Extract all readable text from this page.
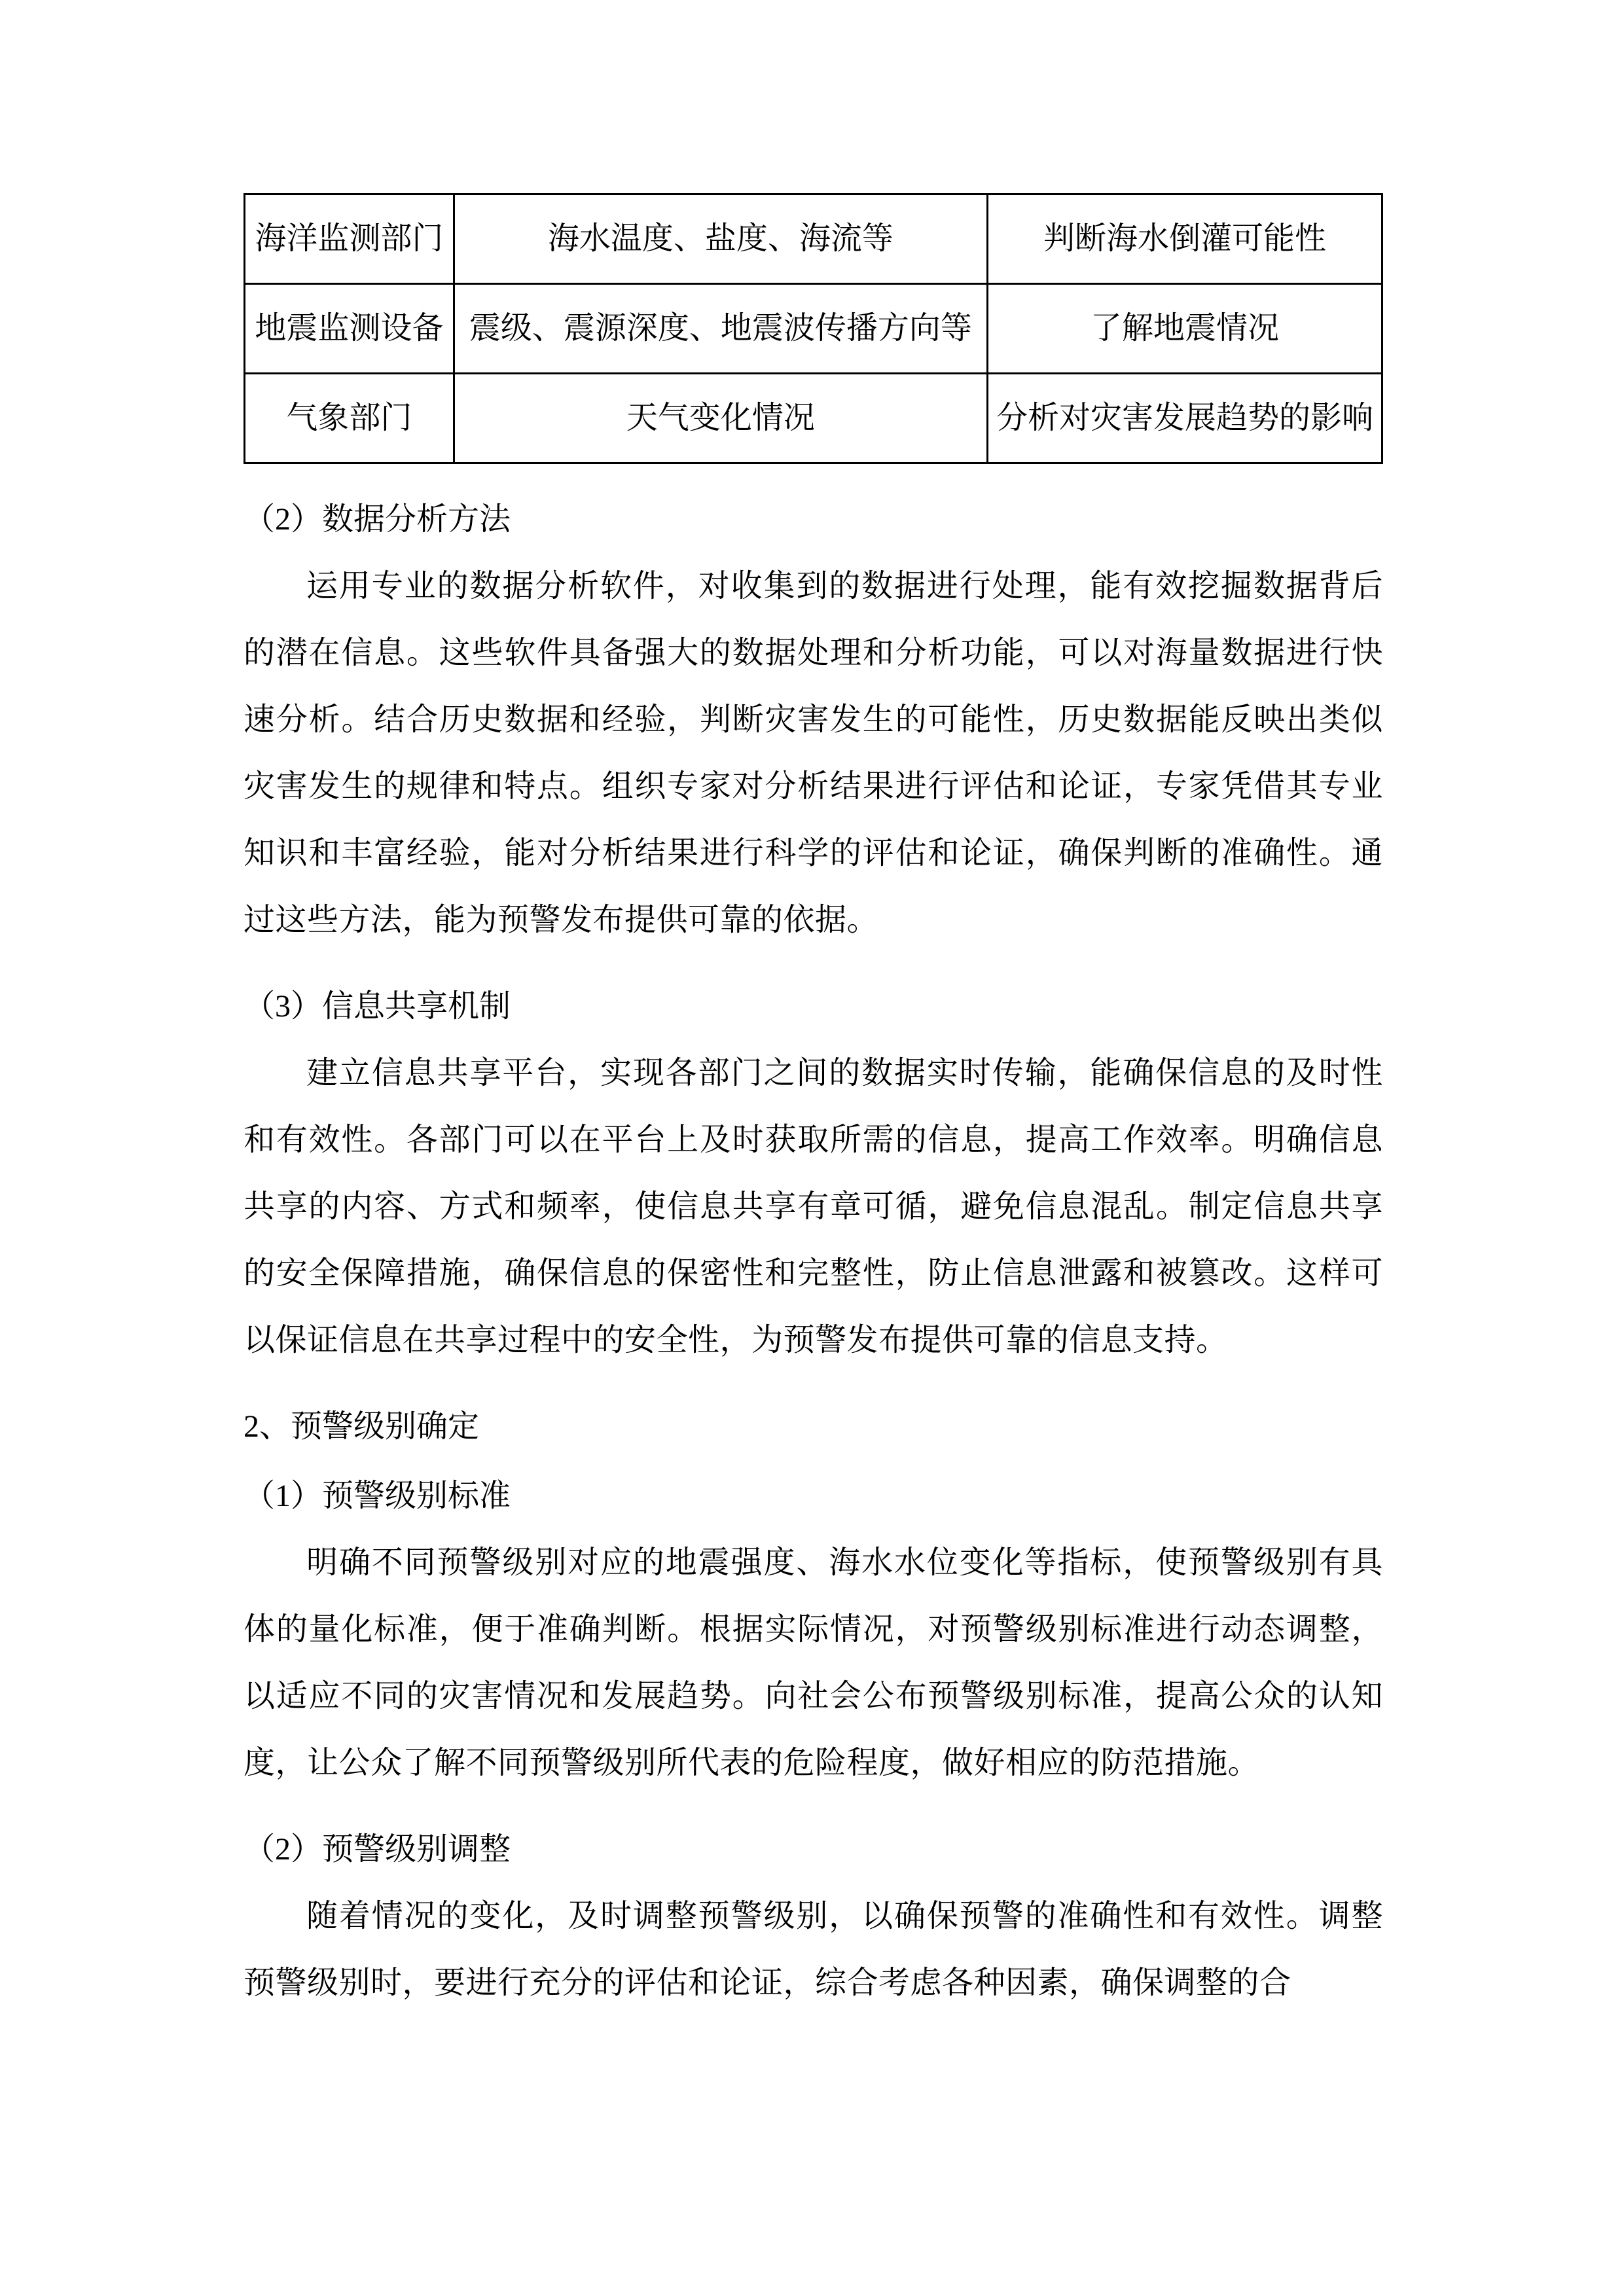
海洋监测部门	海水温度、盐度、海流等	判断海水倒灌可能性
地震监测设备	震级、震源深度、地震波传播方向等	了解地震情况
气象部门	天气变化情况	分析对灾害发展趋势的影响

（2）数据分析方法

运用专业的数据分析软件，对收集到的数据进行处理，能有效挖掘数据背后的潜在信息。这些软件具备强大的数据处理和分析功能，可以对海量数据进行快速分析。结合历史数据和经验，判断灾害发生的可能性，历史数据能反映出类似灾害发生的规律和特点。组织专家对分析结果进行评估和论证，专家凭借其专业知识和丰富经验，能对分析结果进行科学的评估和论证，确保判断的准确性。通过这些方法，能为预警发布提供可靠的依据。

（3）信息共享机制

建立信息共享平台，实现各部门之间的数据实时传输，能确保信息的及时性和有效性。各部门可以在平台上及时获取所需的信息，提高工作效率。明确信息共享的内容、方式和频率，使信息共享有章可循，避免信息混乱。制定信息共享的安全保障措施，确保信息的保密性和完整性，防止信息泄露和被篡改。这样可以保证信息在共享过程中的安全性，为预警发布提供可靠的信息支持。

2、预警级别确定

（1）预警级别标准

明确不同预警级别对应的地震强度、海水水位变化等指标，使预警级别有具体的量化标准，便于准确判断。根据实际情况，对预警级别标准进行动态调整，以适应不同的灾害情况和发展趋势。向社会公布预警级别标准，提高公众的认知度，让公众了解不同预警级别所代表的危险程度，做好相应的防范措施。

（2）预警级别调整

随着情况的变化，及时调整预警级别，以确保预警的准确性和有效性。调整预警级别时，要进行充分的评估和论证，综合考虑各种因素，确保调整的合
